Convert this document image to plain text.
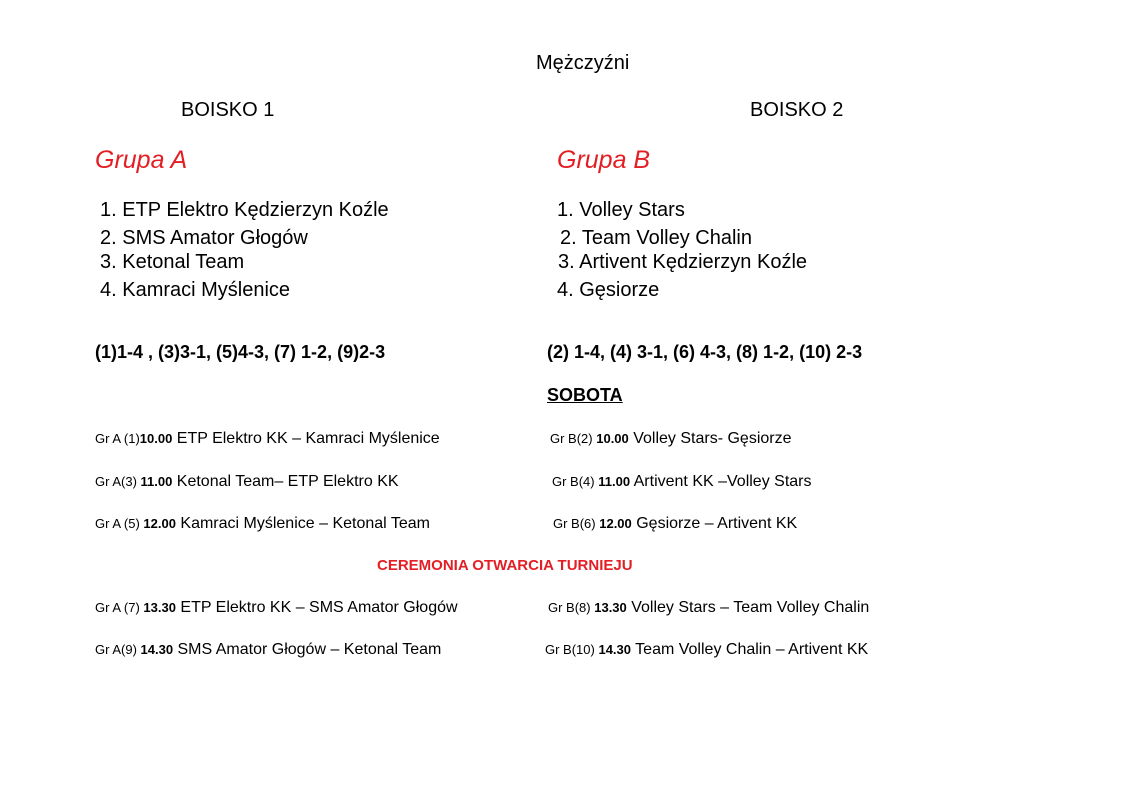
Mężczyźni
BOISKO 1	BOISKO 2
Grupa A	Grupa B
1. ETP Elektro Kędzierzyn Koźle
2. SMS Amator Głogów
3. Ketonal Team
4. Kamraci Myślenice
1. Volley Stars
2. Team Volley Chalin
3. Artivent Kędzierzyn Koźle
4. Gęsiorze
(1)1-4 , (3)3-1, (5)4-3, (7) 1-2, (9)2-3	(2) 1-4, (4) 3-1, (6) 4-3, (8) 1-2, (10) 2-3
SOBOTA
Gr A (1)10.00 ETP Elektro KK – Kamraci Myślenice	Gr B(2) 10.00 Volley Stars- Gęsiorze
Gr A(3) 11.00 Ketonal Team– ETP Elektro KK	Gr B(4) 11.00 Artivent KK –Volley Stars
Gr A (5) 12.00 Kamraci Myślenice – Ketonal Team	Gr B(6) 12.00 Gęsiorze – Artivent KK
CEREMONIA OTWARCIA TURNIEJU
Gr A (7) 13.30 ETP Elektro KK – SMS Amator Głogów	Gr B(8) 13.30 Volley Stars – Team Volley Chalin
Gr A(9) 14.30 SMS Amator Głogów – Ketonal Team	Gr B(10) 14.30 Team Volley Chalin – Artivent KK
